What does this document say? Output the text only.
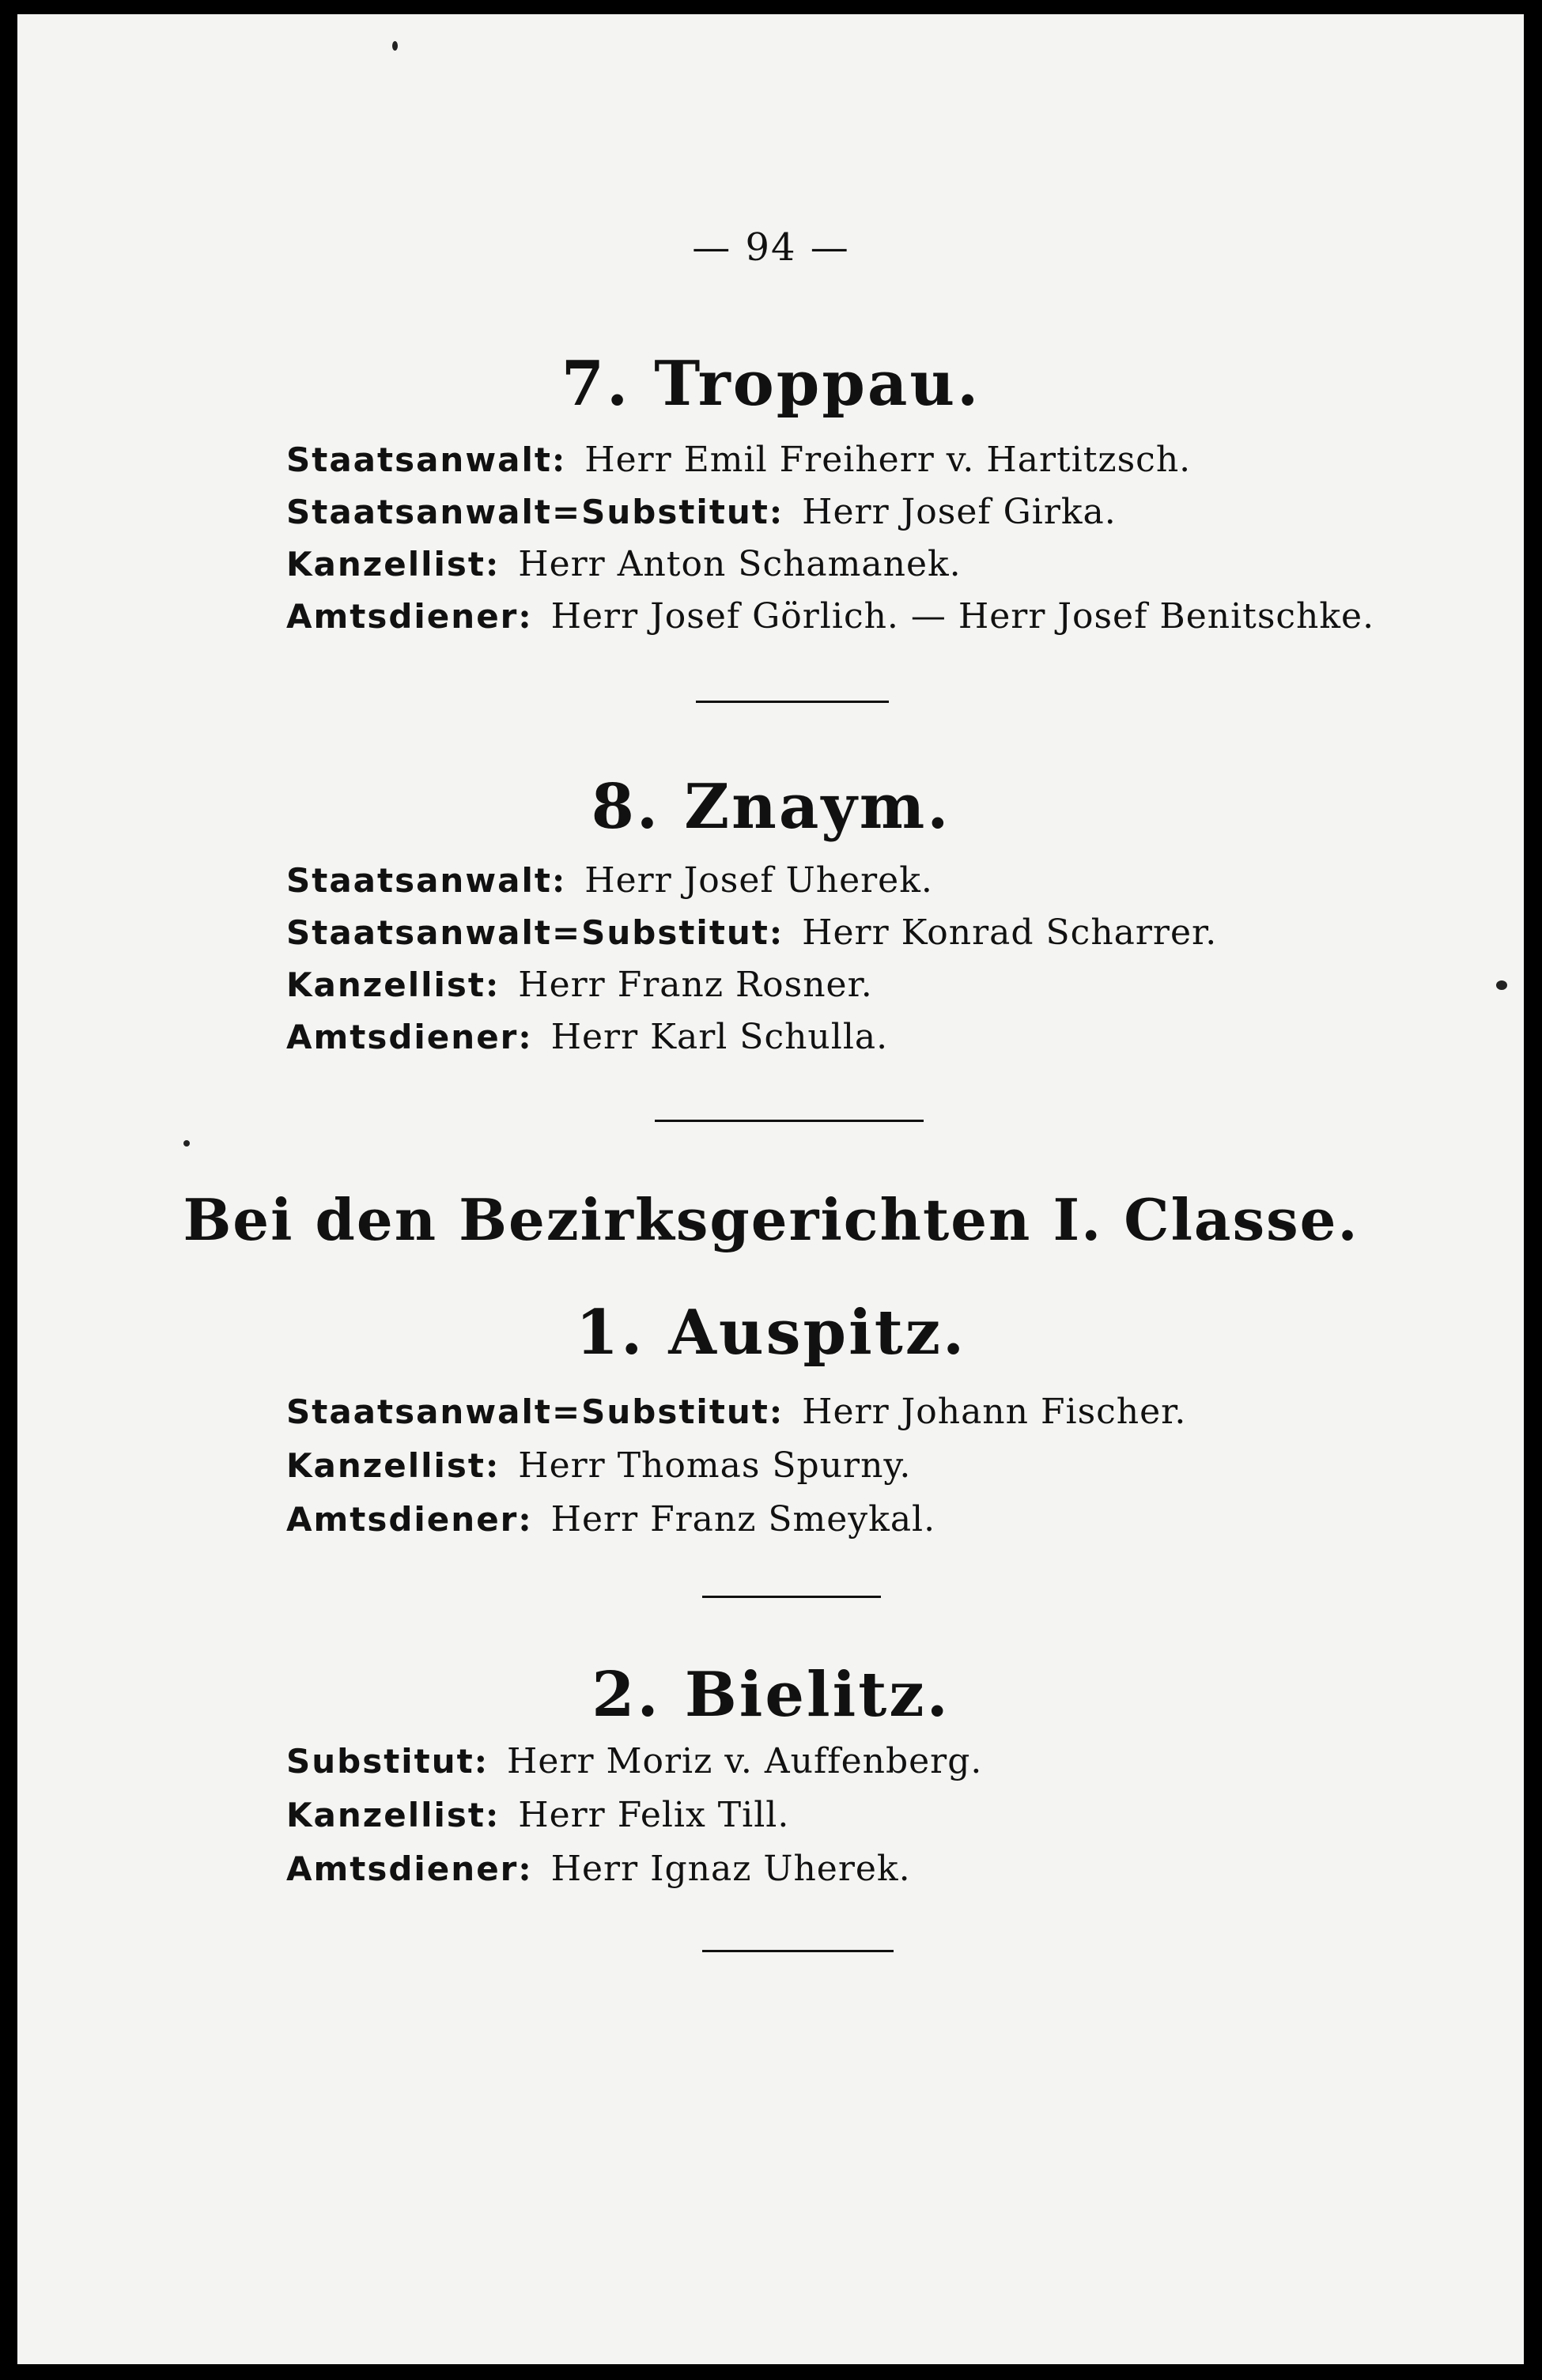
— 94 —
7. Troppau.
Staatsanwalt: Herr Emil Freiherr v. Hartitzsch.
Staatsanwalt=Substitut: Herr Josef Girka.
Kanzellist: Herr Anton Schamanek.
Amtsdiener: Herr Josef Görlich. — Herr Josef Benitschke.
8. Znaym.
Staatsanwalt: Herr Josef Uherek.
Staatsanwalt=Substitut: Herr Konrad Scharrer.
Kanzellist: Herr Franz Rosner.
Amtsdiener: Herr Karl Schulla.
Bei den Bezirksgerichten I. Classe.
1. Auspitz.
Staatsanwalt=Substitut: Herr Johann Fischer.
Kanzellist: Herr Thomas Spurny.
Amtsdiener: Herr Franz Smeykal.
2. Bielitz.
Substitut: Herr Moriz v. Auffenberg.
Kanzellist: Herr Felix Till.
Amtsdiener: Herr Ignaz Uherek.
